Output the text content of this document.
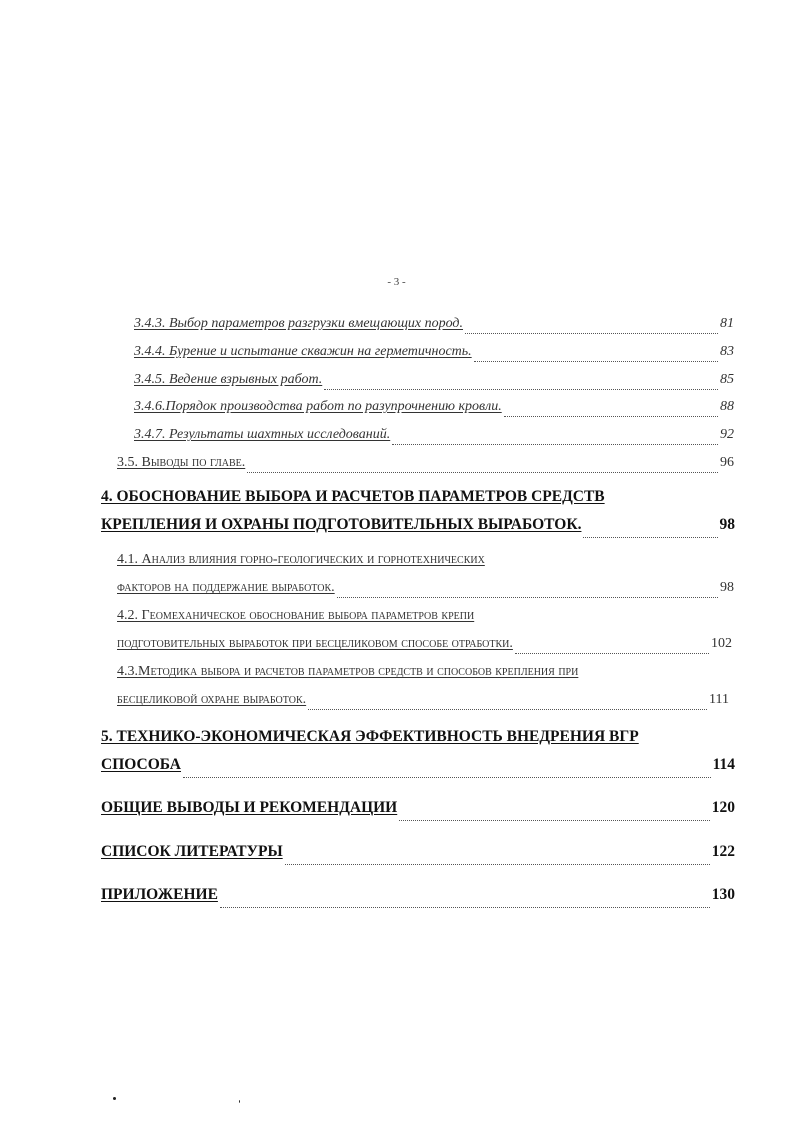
- 3 -
3.4.3. Выбор параметров разгрузки вмещающих пород.	81
3.4.4. Бурение и испытание скважин на герметичность.	83
3.4.5. Ведение взрывных работ.	85
3.4.6.Порядок производства работ по разупрочнению кровли.	88
3.4.7. Результаты шахтных исследований.	92
3.5. Выводы по главе.	96
4. ОБОСНОВАНИЕ ВЫБОРА И РАСЧЕТОВ ПАРАМЕТРОВ СРЕДСТВ
КРЕПЛЕНИЯ И ОХРАНЫ ПОДГОТОВИТЕЛЬНЫХ ВЫРАБОТОК.	98
4.1. Анализ влияния горно-геологических и горнотехнических
факторов на поддержание выработок.	98
4.2. Геомеханическое обоснование выбора параметров крепи
подготовительных выработок при бесцеликовом способе отработки.	102
4.3.Методика выбора и расчетов параметров средств и способов крепления при
бесцеликовой охране выработок.	111
5. ТЕХНИКО-ЭКОНОМИЧЕСКАЯ ЭФФЕКТИВНОСТЬ ВНЕДРЕНИЯ ВГР
СПОСОБА	114
ОБЩИЕ ВЫВОДЫ И РЕКОМЕНДАЦИИ	120
СПИСОК ЛИТЕРАТУРЫ	122
ПРИЛОЖЕНИЕ	130
